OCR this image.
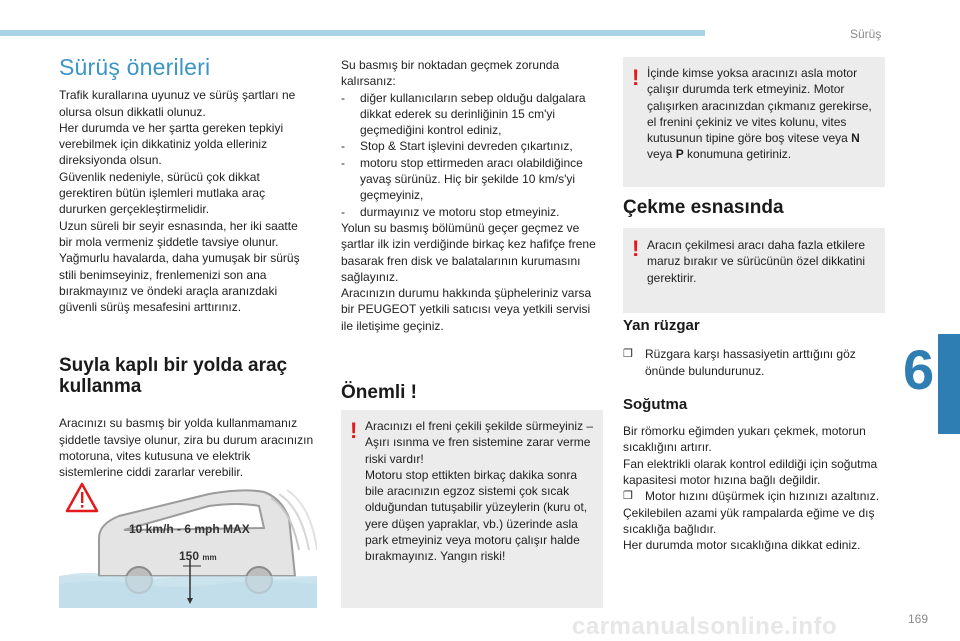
Sürüş
6
Sürüş önerileri

Trafik kurallarına uyunuz ve sürüş şartları ne olursa olsun dikkatli olunuz.

Her durumda ve her şartta gereken tepkiyi verebilmek için dikkatiniz yolda elleriniz direksiyonda olsun.

Güvenlik nedeniyle, sürücü çok dikkat gerektiren bütün işlemleri mutlaka araç dururken gerçekleştirmelidir.

Uzun süreli bir seyir esnasında, her iki saatte bir mola vermeniz şiddetle tavsiye olunur.

Yağmurlu havalarda, daha yumuşak bir sürüş stili benimseyiniz, frenlemenizi son ana bırakmayınız ve öndeki araçla aranızdaki güvenli sürüş mesafesini arttırınız.

Suyla kaplı bir yolda araç kullanma

Aracınızı su basmış bir yolda kullanmamanız şiddetle tavsiye olunur, zira bu durum aracınızın motoruna, vites kutusuna ve elektrik sistemlerine ciddi zararlar verebilir.

10 km/h - 6 mph MAX
150 mm

Su basmış bir noktadan geçmek zorunda kalırsanız:

- diğer kullanıcıların sebep olduğu dalgalara dikkat ederek su derinliğinin 15 cm'yi geçmediğini kontrol ediniz,
- Stop & Start işlevini devreden çıkartınız,
- motoru stop ettirmeden aracı olabildiğince yavaş sürünüz. Hiç bir şekilde 10 km/s'yi geçmeyiniz,
- durmayınız ve motoru stop etmeyiniz.

Yolun su basmış bölümünü geçer geçmez ve şartlar ilk izin verdiğinde birkaç kez hafifçe frene basarak fren disk ve balatalarının kurumasını sağlayınız.

Aracınızın durumu hakkında şüpheleriniz varsa bir PEUGEOT yetkili satıcısı veya yetkili servisi ile iletişime geçiniz.

Önemli !
! Aracınızı el freni çekili şekilde sürmeyiniz – Aşırı ısınma ve fren sistemine zarar verme riski vardır!

Motoru stop ettikten birkaç dakika sonra bile aracınızın egzoz sistemi çok sıcak olduğundan tutuşabilir yüzeylerin (kuru ot, yere düşen yapraklar, vb.) üzerinde asla park etmeyiniz veya motoru çalışır halde bırakmayınız. Yangın riski!

! İçinde kimse yoksa aracınızı asla motor çalışır durumda terk etmeyiniz. Motor çalışırken aracınızdan çıkmanız gerekirse, el frenini çekiniz ve vites kolunu, vites kutusunun tipine göre boş vitese veya N veya P konumuna getiriniz.

Çekme esnasında
! Aracın çekilmesi aracı daha fazla etkilere maruz bırakır ve sürücünün özel dikkatini gerektirir.

Yan rüzgar
❐ Rüzgara karşı hassasiyetin arttığını göz önünde bulundurunuz.
Soğutma

Bir römorku eğimden yukarı çekmek, motorun sıcaklığını artırır.

Fan elektrikli olarak kontrol edildiği için soğutma kapasitesi motor hızına bağlı değildir.

❐ Motor hızını düşürmek için hızınızı azaltınız.

Çekilebilen azami yük rampalarda eğime ve dış sıcaklığa bağlıdır.

Her durumda motor sıcaklığına dikkat ediniz.

carmanualsonline.info	169
